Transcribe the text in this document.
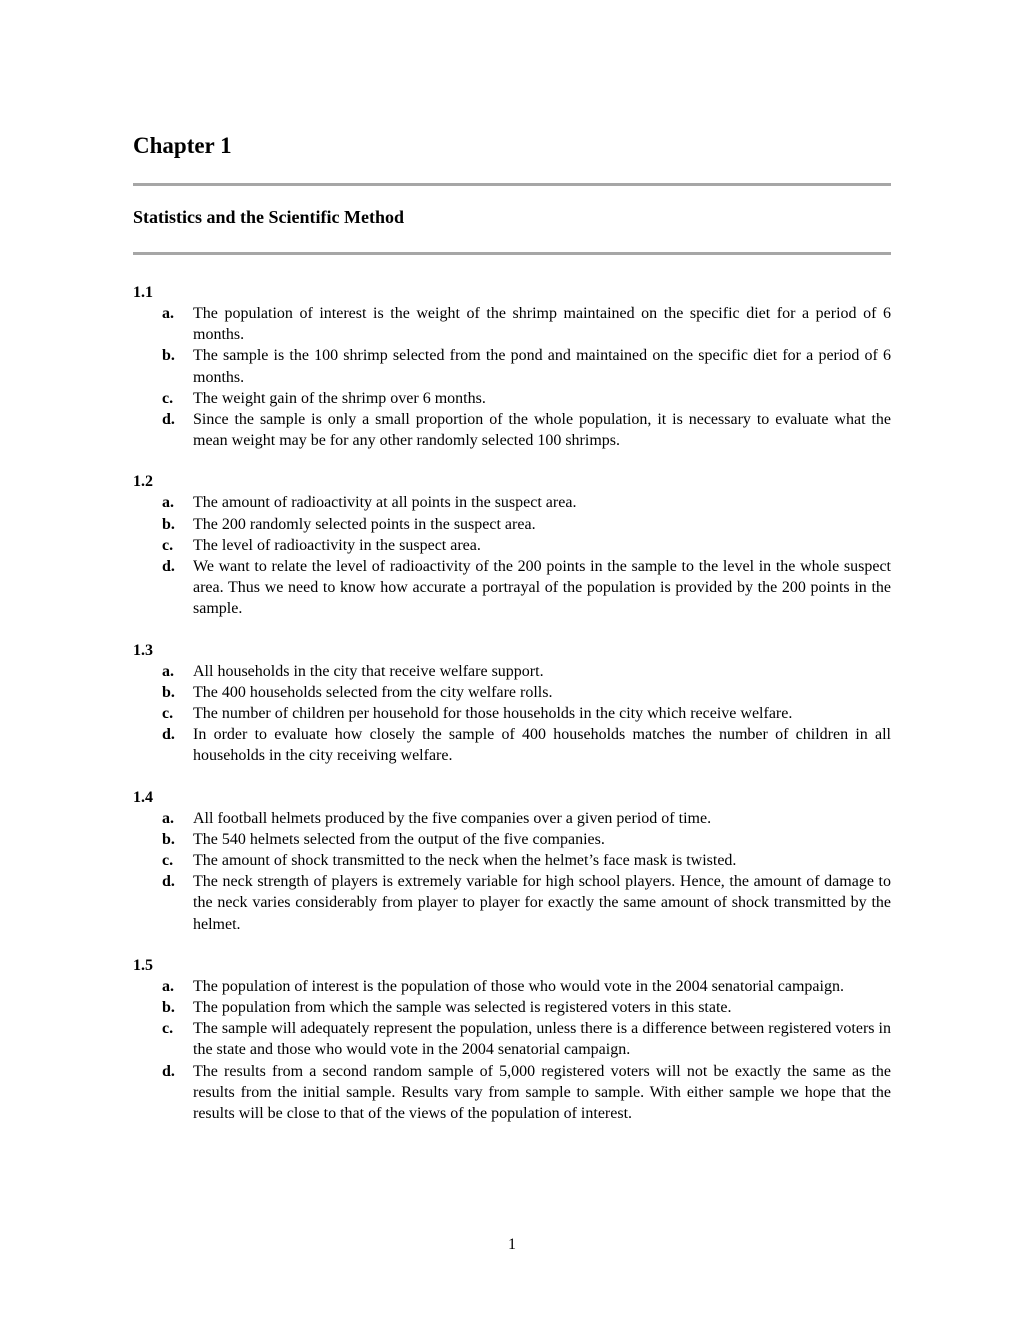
Chapter 1
Statistics and the Scientific Method
1.1
a. The population of interest is the weight of the shrimp maintained on the specific diet for a period of 6 months.
b. The sample is the 100 shrimp selected from the pond and maintained on the specific diet for a period of 6 months.
c. The weight gain of the shrimp over 6 months.
d. Since the sample is only a small proportion of the whole population, it is necessary to evaluate what the mean weight may be for any other randomly selected 100 shrimps.
1.2
a. The amount of radioactivity at all points in the suspect area.
b. The 200 randomly selected points in the suspect area.
c. The level of radioactivity in the suspect area.
d. We want to relate the level of radioactivity of the 200 points in the sample to the level in the whole suspect area. Thus we need to know how accurate a portrayal of the population is provided by the 200 points in the sample.
1.3
a. All households in the city that receive welfare support.
b. The 400 households selected from the city welfare rolls.
c. The number of children per household for those households in the city which receive welfare.
d. In order to evaluate how closely the sample of 400 households matches the number of children in all households in the city receiving welfare.
1.4
a. All football helmets produced by the five companies over a given period of time.
b. The 540 helmets selected from the output of the five companies.
c. The amount of shock transmitted to the neck when the helmet’s face mask is twisted.
d. The neck strength of players is extremely variable for high school players. Hence, the amount of damage to the neck varies considerably from player to player for exactly the same amount of shock transmitted by the helmet.
1.5
a. The population of interest is the population of those who would vote in the 2004 senatorial campaign.
b. The population from which the sample was selected is registered voters in this state.
c. The sample will adequately represent the population, unless there is a difference between registered voters in the state and those who would vote in the 2004 senatorial campaign.
d. The results from a second random sample of 5,000 registered voters will not be exactly the same as the results from the initial sample. Results vary from sample to sample. With either sample we hope that the results will be close to that of the views of the population of interest.
1
